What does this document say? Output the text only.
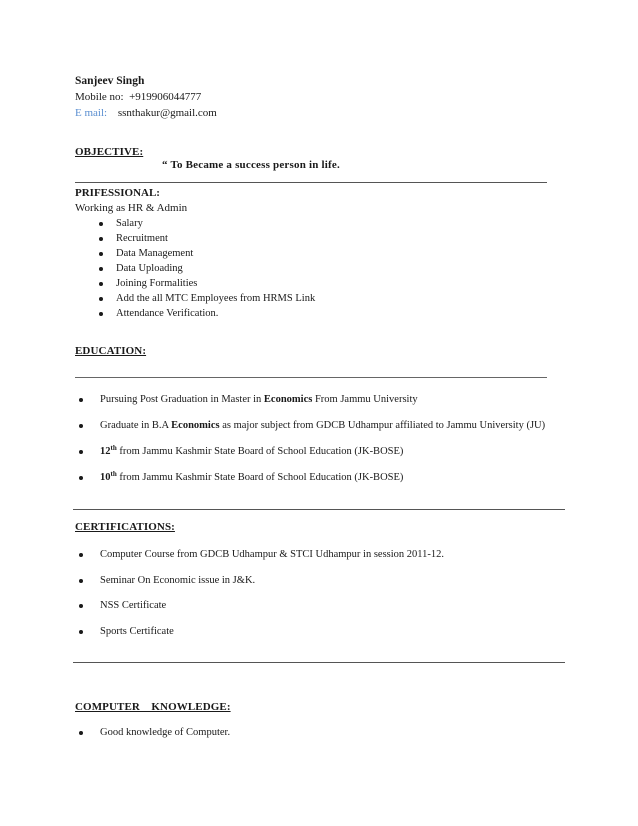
Sanjeev Singh
Mobile no: +919906044777
E mail: ssnthakur@gmail.com
OBJECTIVE:
“ To Became a success person in life.
PRIFESSIONAL:
Working as HR & Admin
Salary
Recruitment
Data Management
Data Uploading
Joining Formalities
Add the all MTC Employees from HRMS Link
Attendance Verification.
EDUCATION:
Pursuing Post Graduation in Master in Economics From Jammu University
Graduate in B.A Economics as major subject from GDCB Udhampur affiliated to Jammu University (JU)
12th from Jammu Kashmir State Board of School Education (JK-BOSE)
10th from Jammu Kashmir State Board of School Education (JK-BOSE)
CERTIFICATIONS:
Computer Course from GDCB Udhampur & STCI Udhampur in session 2011-12.
Seminar On Economic issue in J&K.
NSS Certificate
Sports Certificate
COMPUTER    KNOWLEDGE:
Good knowledge of Computer.
